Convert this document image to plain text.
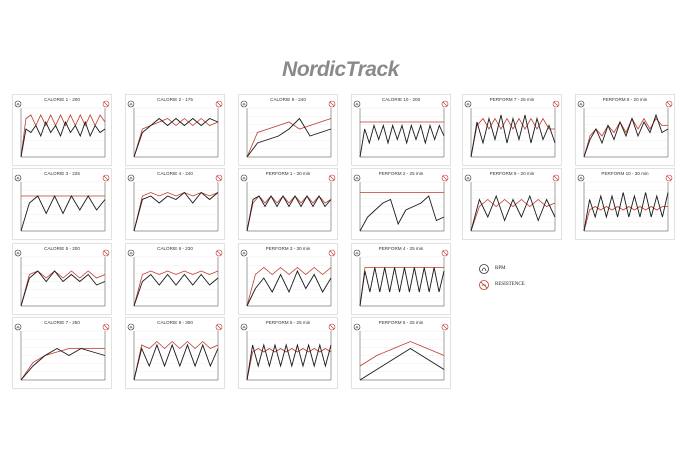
NordicTrack
CALORIE 1 - 200	CALORIE 2 - 175	CALORIE 9 - 240	CALORIE 10 - 200	PERFORM 7 - 25 min	PERFORM 8 - 20 min
CALORIE 3 - 225	CALORIE 4 - 240	PERFORM 1 - 30 min	PERFORM 2 - 25 min	PERFORM 9 - 20 min	PERFORM 10 - 30 min
CALORIE 5 - 200	CALORIE 6 - 230	PERFORM 3 - 30 min	PERFORM 4 - 25 min
CALORIE 7 - 250	CALORIE 8 - 300	PERFORM 5 - 25 min	PERFORM 6 - 25 min
RPM
RESISTENCE
